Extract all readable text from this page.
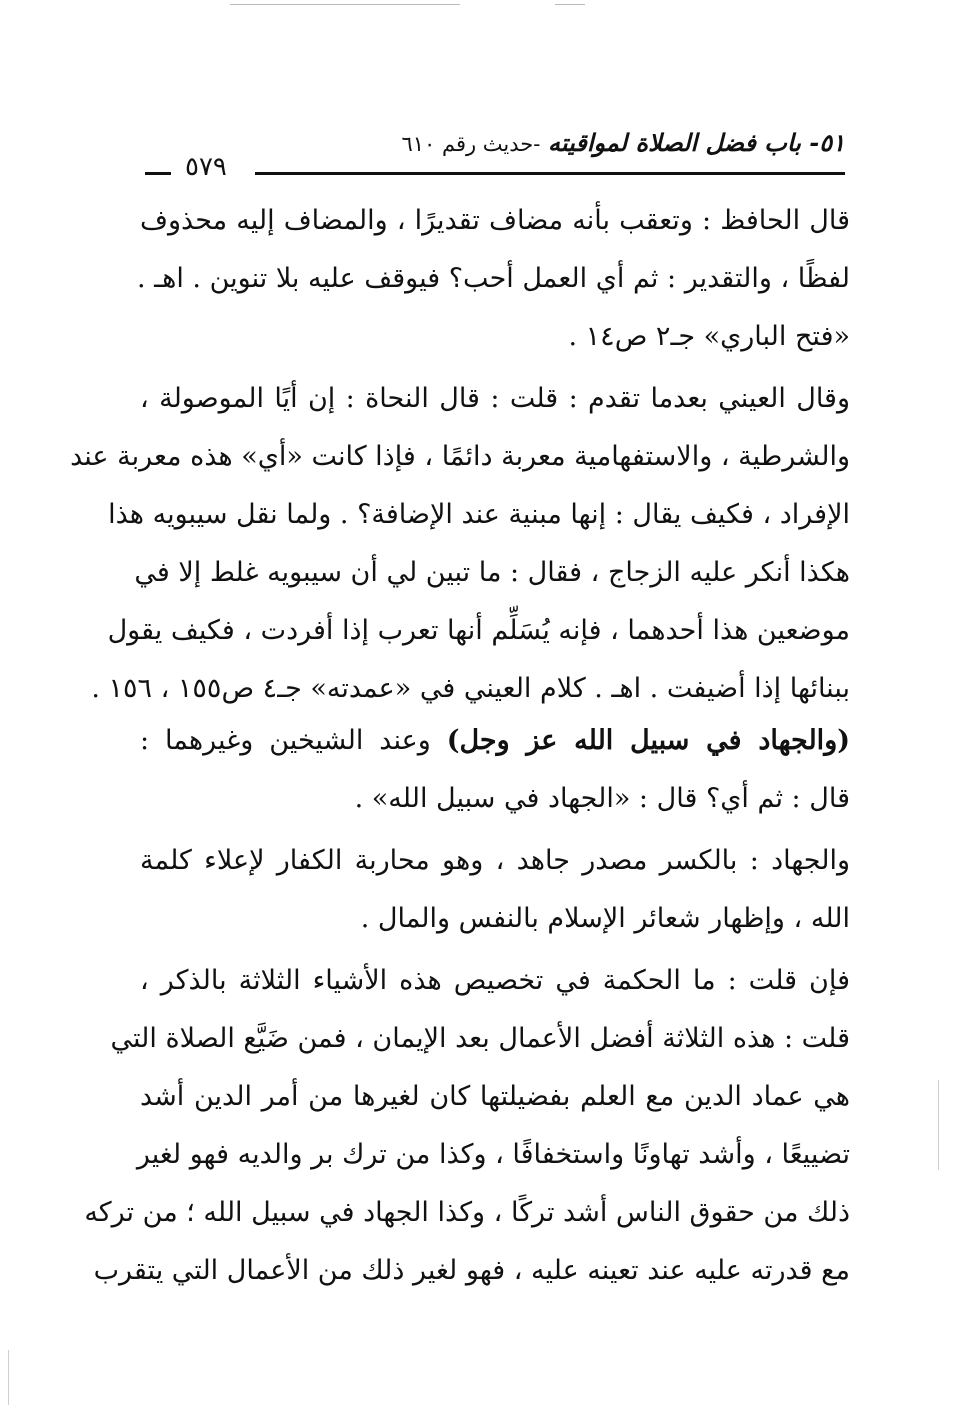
٥١- باب فضل الصلاة لمواقيته -حديث رقم ٦١٠
٥٧٩
قال الحافظ : وتعقب بأنه مضاف تقديرًا ، والمضاف إليه محذوف
لفظًا ، والتقدير : ثم أي العمل أحب؟ فيوقف عليه بلا تنوين . اهـ .
«فتح الباري» جـ٢ ص١٤ .
وقال العيني بعدما تقدم : قلت : قال النحاة : إن أيًا الموصولة ،
والشرطية ، والاستفهامية معربة دائمًا ، فإذا كانت «أي» هذه معربة عند
الإفراد ، فكيف يقال : إنها مبنية عند الإضافة؟ . ولما نقل سيبويه هذا
هكذا أنكر عليه الزجاج ، فقال : ما تبين لي أن سيبويه غلط إلا في
موضعين هذا أحدهما ، فإنه يُسَلِّم أنها تعرب إذا أفردت ، فكيف يقول
ببنائها إذا أضيفت . اهـ . كلام العيني في «عمدته» جـ٤ ص١٥٥ ، ١٥٦ .
(والجهاد في سبيل الله عز وجل) وعند الشيخين وغيرهما :
قال : ثم أي؟ قال : «الجهاد في سبيل الله» .
والجهاد : بالكسر مصدر جاهد ، وهو محاربة الكفار لإعلاء كلمة
الله ، وإظهار شعائر الإسلام بالنفس والمال .
فإن قلت : ما الحكمة في تخصيص هذه الأشياء الثلاثة بالذكر ،
قلت : هذه الثلاثة أفضل الأعمال بعد الإيمان ، فمن ضَيَّع الصلاة التي
هي عماد الدين مع العلم بفضيلتها كان لغيرها من أمر الدين أشد
تضييعًا ، وأشد تهاونًا واستخفافًا ، وكذا من ترك بر والديه فهو لغير
ذلك من حقوق الناس أشد تركًا ، وكذا الجهاد في سبيل الله ؛ من تركه
مع قدرته عليه عند تعينه عليه ، فهو لغير ذلك من الأعمال التي يتقرب
